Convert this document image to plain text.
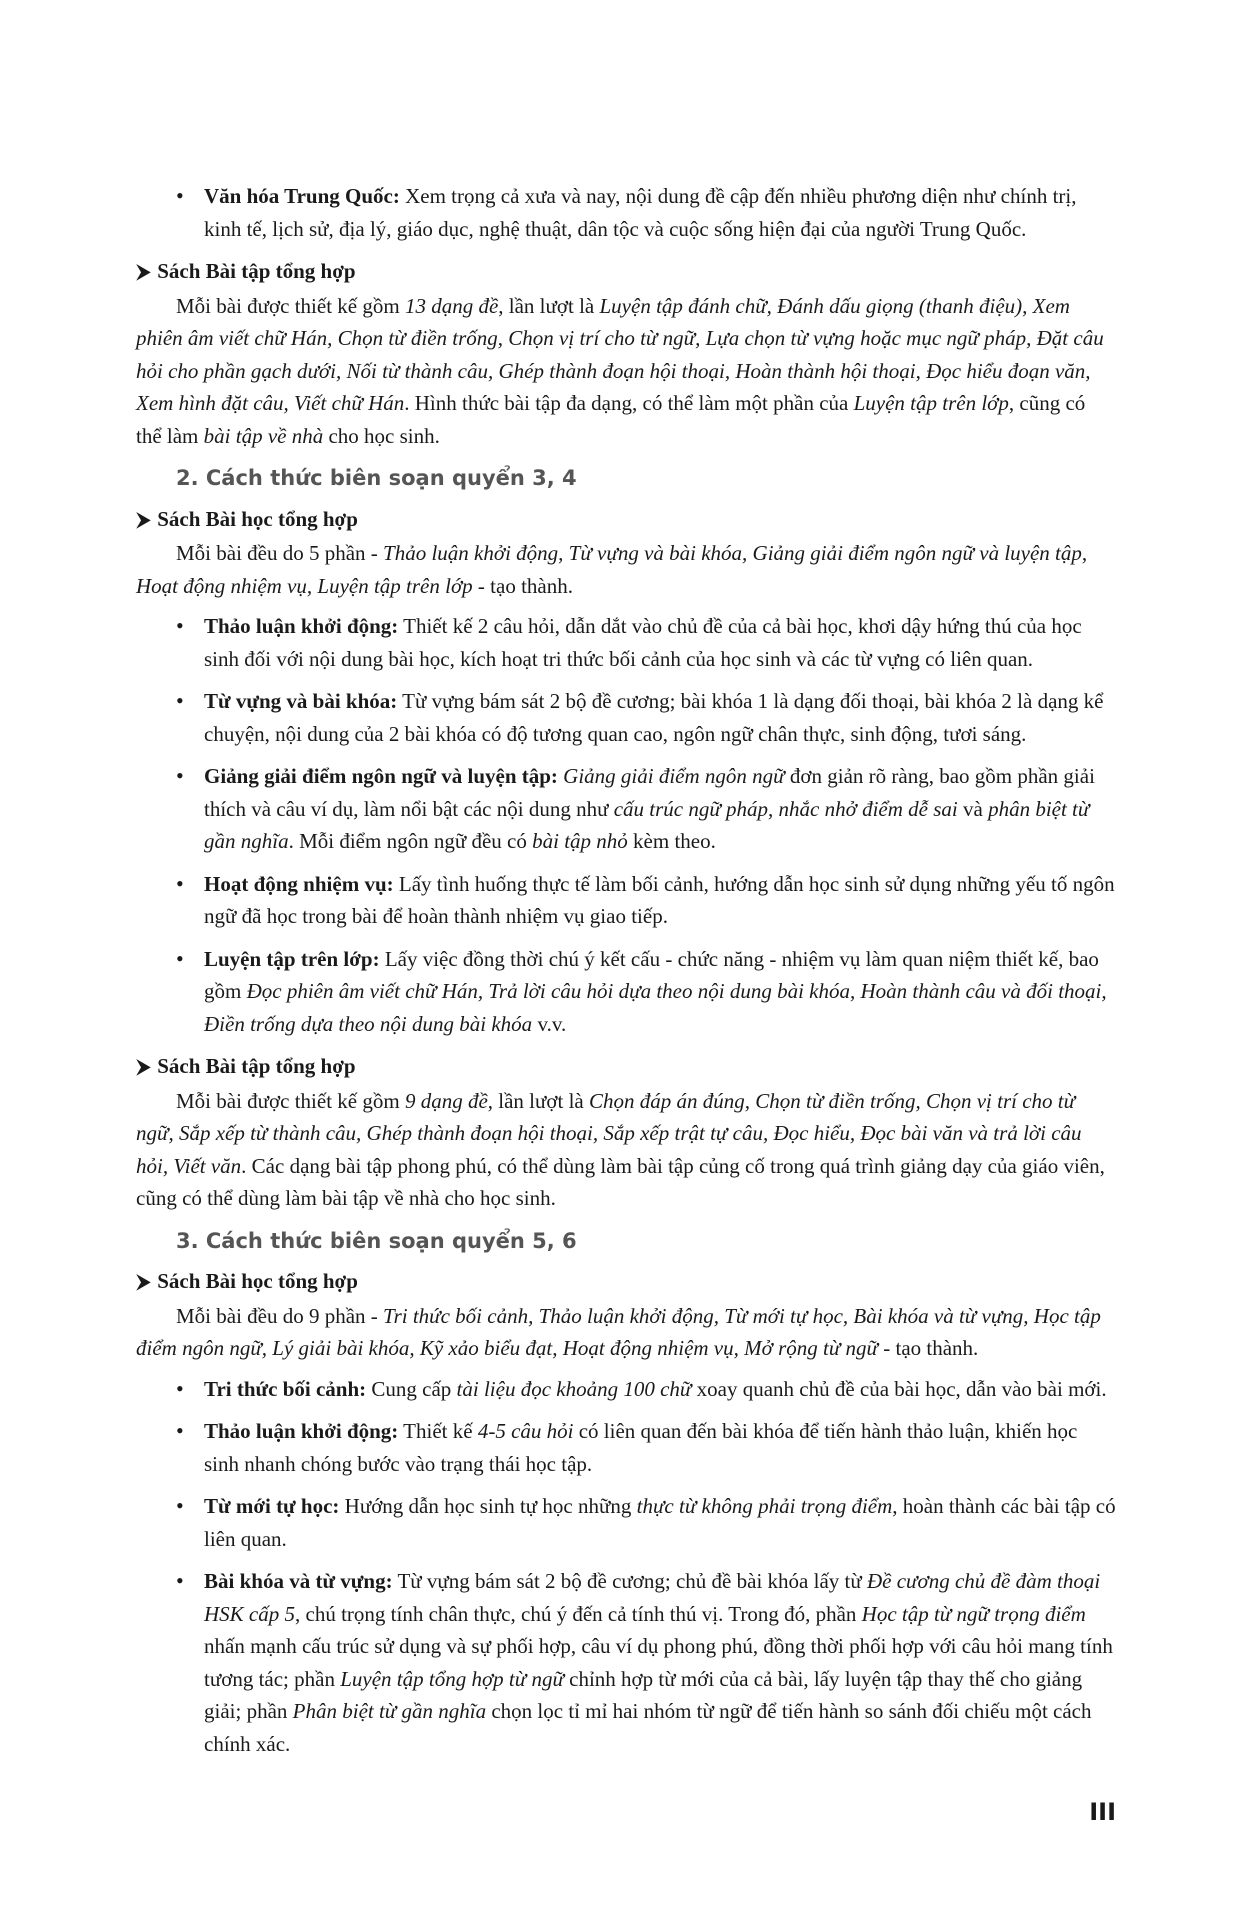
• Văn hóa Trung Quốc: Xem trọng cả xưa và nay, nội dung đề cập đến nhiều phương diện như chính trị, kinh tế, lịch sử, địa lý, giáo dục, nghệ thuật, dân tộc và cuộc sống hiện đại của người Trung Quốc.
⮞ Sách Bài tập tổng hợp

Mỗi bài được thiết kế gồm 13 dạng đề, lần lượt là Luyện tập đánh chữ, Đánh dấu giọng (thanh điệu), Xem phiên âm viết chữ Hán, Chọn từ điền trống, Chọn vị trí cho từ ngữ, Lựa chọn từ vựng hoặc mục ngữ pháp, Đặt câu hỏi cho phần gạch dưới, Nối từ thành câu, Ghép thành đoạn hội thoại, Hoàn thành hội thoại, Đọc hiểu đoạn văn, Xem hình đặt câu, Viết chữ Hán. Hình thức bài tập đa dạng, có thể làm một phần của Luyện tập trên lớp, cũng có thể làm bài tập về nhà cho học sinh.

2. Cách thức biên soạn quyển 3, 4
⮞ Sách Bài học tổng hợp

Mỗi bài đều do 5 phần - Thảo luận khởi động, Từ vựng và bài khóa, Giảng giải điểm ngôn ngữ và luyện tập, Hoạt động nhiệm vụ, Luyện tập trên lớp - tạo thành.

• Thảo luận khởi động: Thiết kế 2 câu hỏi, dẫn dắt vào chủ đề của cả bài học, khơi dậy hứng thú của học sinh đối với nội dung bài học, kích hoạt tri thức bối cảnh của học sinh và các từ vựng có liên quan.
• Từ vựng và bài khóa: Từ vựng bám sát 2 bộ đề cương; bài khóa 1 là dạng đối thoại, bài khóa 2 là dạng kể chuyện, nội dung của 2 bài khóa có độ tương quan cao, ngôn ngữ chân thực, sinh động, tươi sáng.
• Giảng giải điểm ngôn ngữ và luyện tập: Giảng giải điểm ngôn ngữ đơn giản rõ ràng, bao gồm phần giải thích và câu ví dụ, làm nổi bật các nội dung như cấu trúc ngữ pháp, nhắc nhở điểm dễ sai và phân biệt từ gần nghĩa. Mỗi điểm ngôn ngữ đều có bài tập nhỏ kèm theo.
• Hoạt động nhiệm vụ: Lấy tình huống thực tế làm bối cảnh, hướng dẫn học sinh sử dụng những yếu tố ngôn ngữ đã học trong bài để hoàn thành nhiệm vụ giao tiếp.
• Luyện tập trên lớp: Lấy việc đồng thời chú ý kết cấu - chức năng - nhiệm vụ làm quan niệm thiết kế, bao gồm Đọc phiên âm viết chữ Hán, Trả lời câu hỏi dựa theo nội dung bài khóa, Hoàn thành câu và đối thoại, Điền trống dựa theo nội dung bài khóa v.v.
⮞ Sách Bài tập tổng hợp

Mỗi bài được thiết kế gồm 9 dạng đề, lần lượt là Chọn đáp án đúng, Chọn từ điền trống, Chọn vị trí cho từ ngữ, Sắp xếp từ thành câu, Ghép thành đoạn hội thoại, Sắp xếp trật tự câu, Đọc hiểu, Đọc bài văn và trả lời câu hỏi, Viết văn. Các dạng bài tập phong phú, có thể dùng làm bài tập củng cố trong quá trình giảng dạy của giáo viên, cũng có thể dùng làm bài tập về nhà cho học sinh.

3. Cách thức biên soạn quyển 5, 6
⮞ Sách Bài học tổng hợp

Mỗi bài đều do 9 phần - Tri thức bối cảnh, Thảo luận khởi động, Từ mới tự học, Bài khóa và từ vựng, Học tập điểm ngôn ngữ, Lý giải bài khóa, Kỹ xảo biểu đạt, Hoạt động nhiệm vụ, Mở rộng từ ngữ - tạo thành.

• Tri thức bối cảnh: Cung cấp tài liệu đọc khoảng 100 chữ xoay quanh chủ đề của bài học, dẫn vào bài mới.
• Thảo luận khởi động: Thiết kế 4-5 câu hỏi có liên quan đến bài khóa để tiến hành thảo luận, khiến học sinh nhanh chóng bước vào trạng thái học tập.
• Từ mới tự học: Hướng dẫn học sinh tự học những thực từ không phải trọng điểm, hoàn thành các bài tập có liên quan.
• Bài khóa và từ vựng: Từ vựng bám sát 2 bộ đề cương; chủ đề bài khóa lấy từ Đề cương chủ đề đàm thoại HSK cấp 5, chú trọng tính chân thực, chú ý đến cả tính thú vị. Trong đó, phần Học tập từ ngữ trọng điểm nhấn mạnh cấu trúc sử dụng và sự phối hợp, câu ví dụ phong phú, đồng thời phối hợp với câu hỏi mang tính tương tác; phần Luyện tập tổng hợp từ ngữ chỉnh hợp từ mới của cả bài, lấy luyện tập thay thế cho giảng giải; phần Phân biệt từ gần nghĩa chọn lọc tỉ mỉ hai nhóm từ ngữ để tiến hành so sánh đối chiếu một cách chính xác.
III
